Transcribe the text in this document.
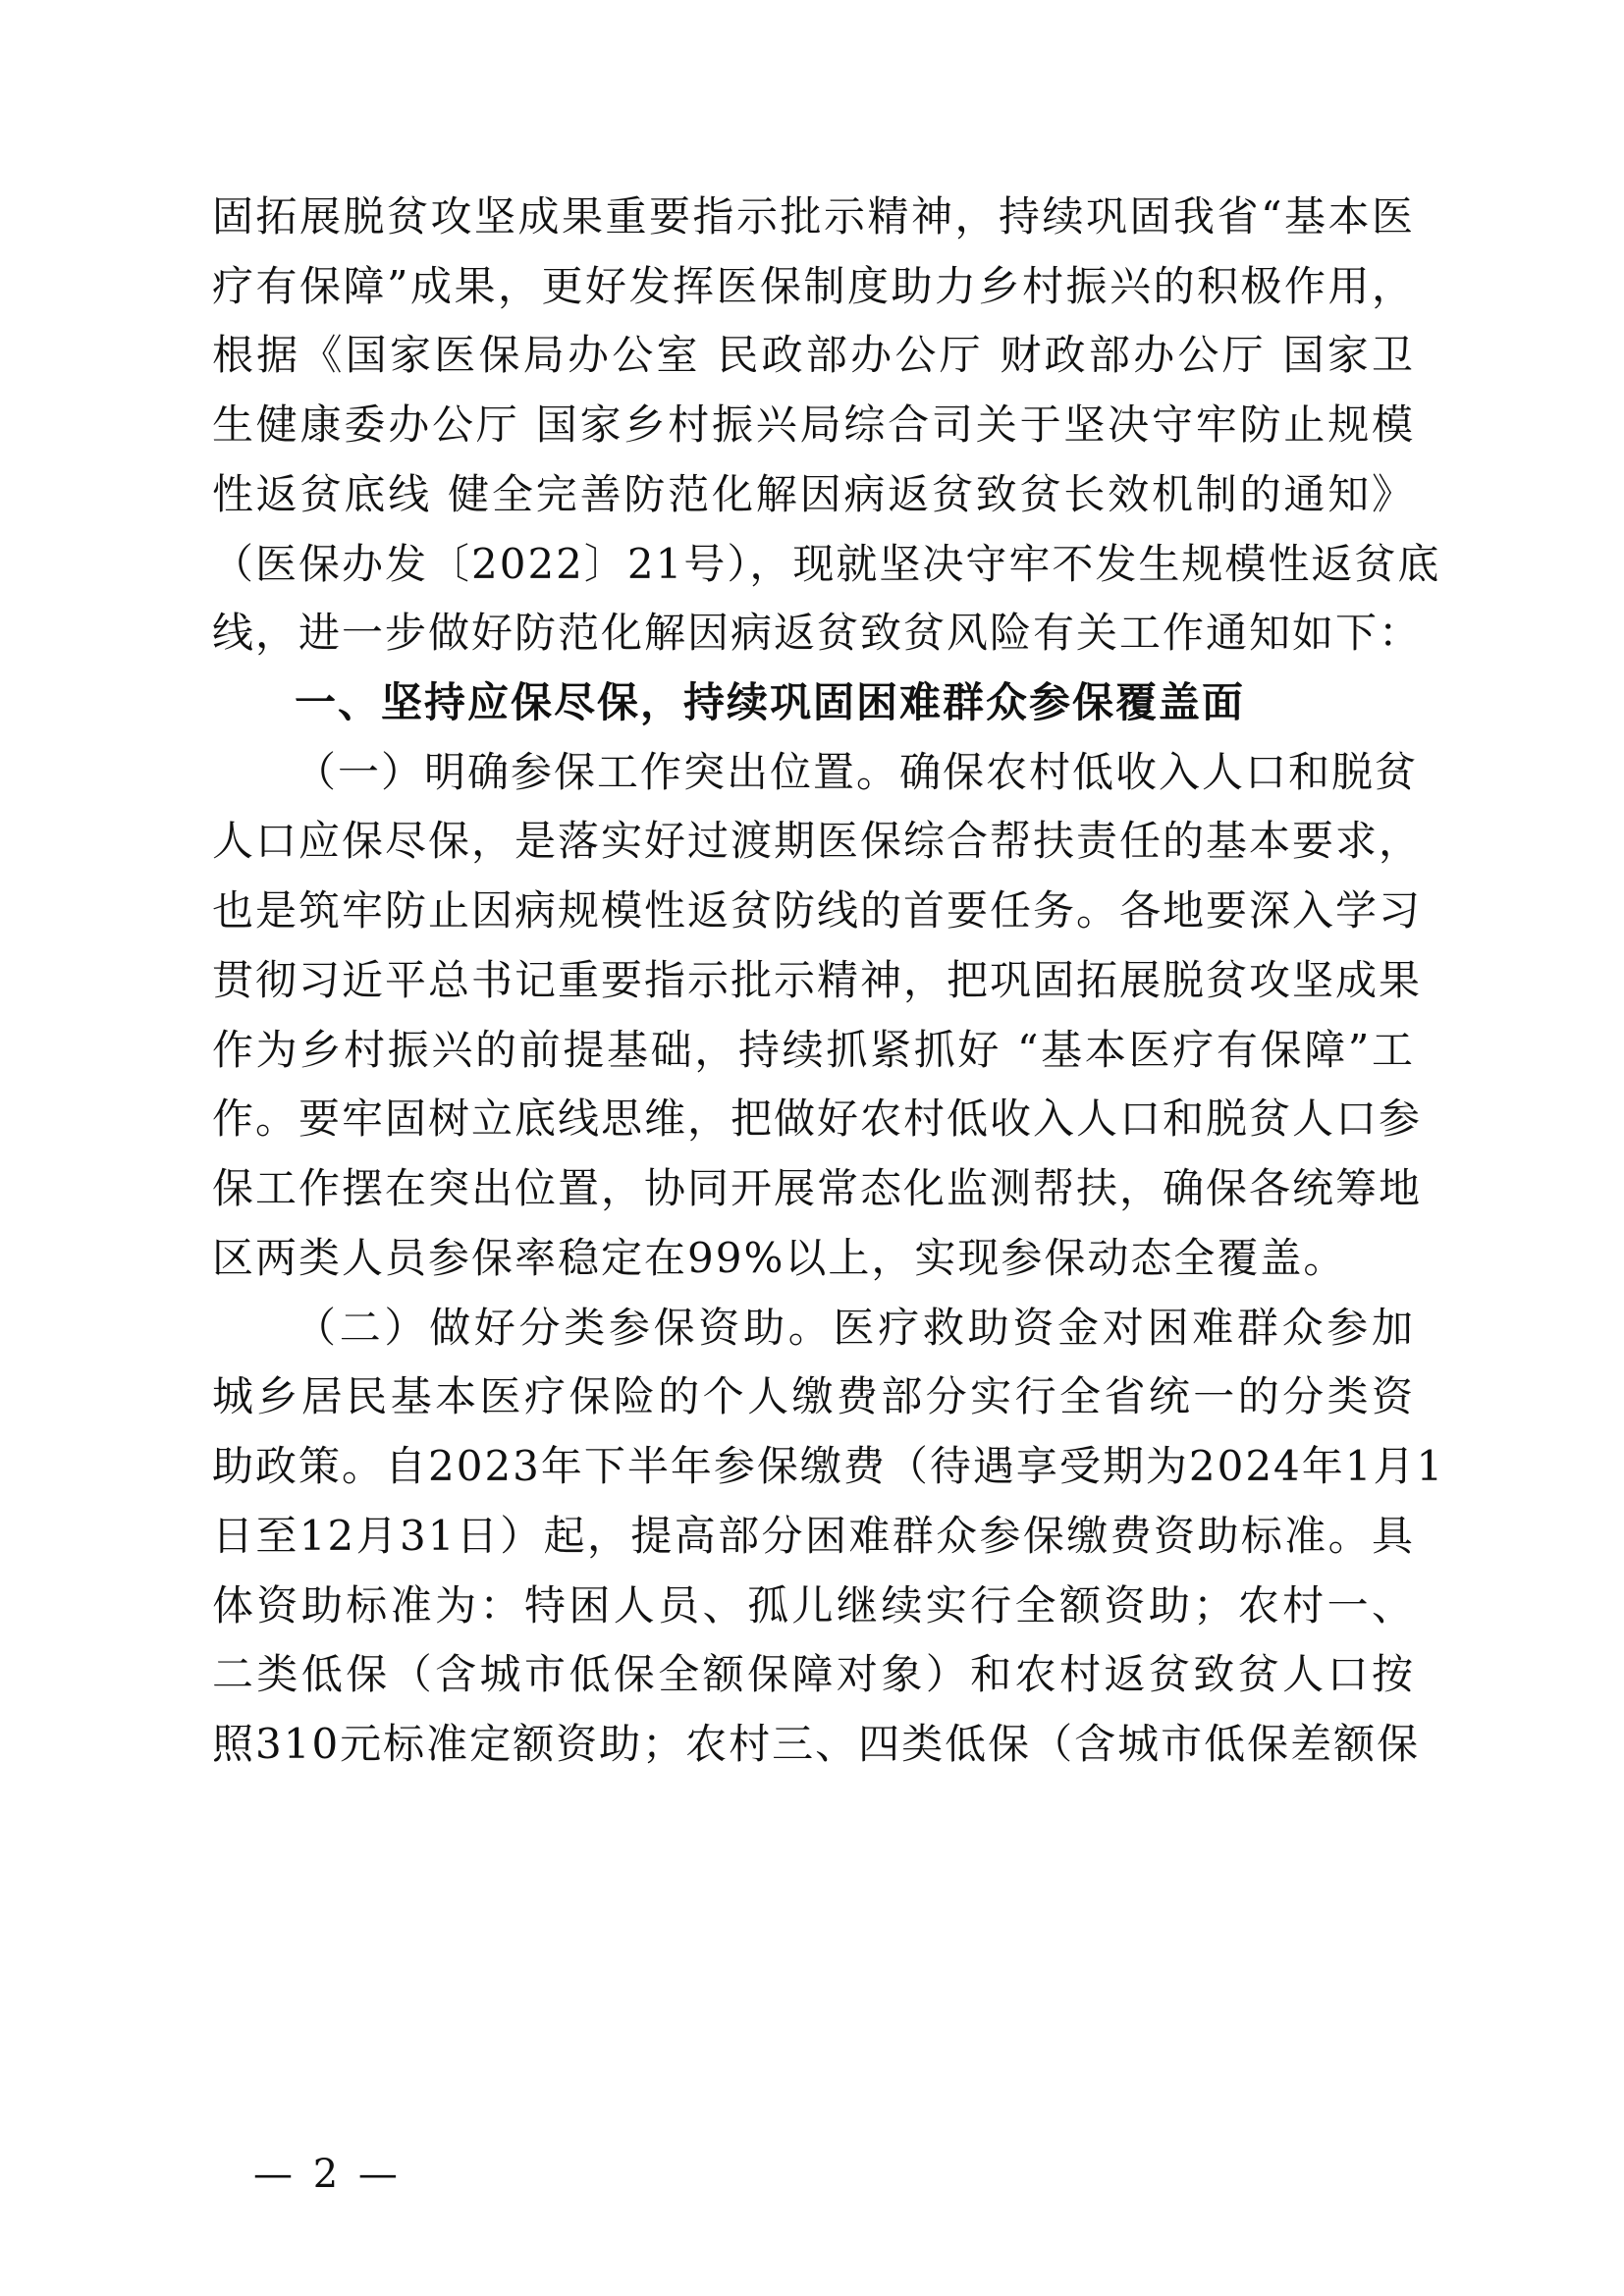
固拓展脱贫攻坚成果重要指示批示精神，持续巩固我省“基本医
疗有保障”成果，更好发挥医保制度助力乡村振兴的积极作用，
根据《国家医保局办公室 民政部办公厅 财政部办公厅 国家卫
生健康委办公厅 国家乡村振兴局综合司关于坚决守牢防止规模
性返贫底线 健全完善防范化解因病返贫致贫长效机制的通知》
（医保办发〔2022〕21号），现就坚决守牢不发生规模性返贫底
线，进一步做好防范化解因病返贫致贫风险有关工作通知如下：
一、坚持应保尽保，持续巩固困难群众参保覆盖面
（一）明确参保工作突出位置。确保农村低收入人口和脱贫
人口应保尽保，是落实好过渡期医保综合帮扶责任的基本要求，
也是筑牢防止因病规模性返贫防线的首要任务。各地要深入学习
贯彻习近平总书记重要指示批示精神，把巩固拓展脱贫攻坚成果
作为乡村振兴的前提基础，持续抓紧抓好 “基本医疗有保障”工
作。要牢固树立底线思维，把做好农村低收入人口和脱贫人口参
保工作摆在突出位置，协同开展常态化监测帮扶，确保各统筹地
区两类人员参保率稳定在99%以上，实现参保动态全覆盖。
（二）做好分类参保资助。医疗救助资金对困难群众参加
城乡居民基本医疗保险的个人缴费部分实行全省统一的分类资
助政策。自2023年下半年参保缴费（待遇享受期为2024年1月1
日至12月31日）起，提高部分困难群众参保缴费资助标准。具
体资助标准为：特困人员、孤儿继续实行全额资助；农村一、
二类低保（含城市低保全额保障对象）和农村返贫致贫人口按
照310元标准定额资助；农村三、四类低保（含城市低保差额保
— 2 —
